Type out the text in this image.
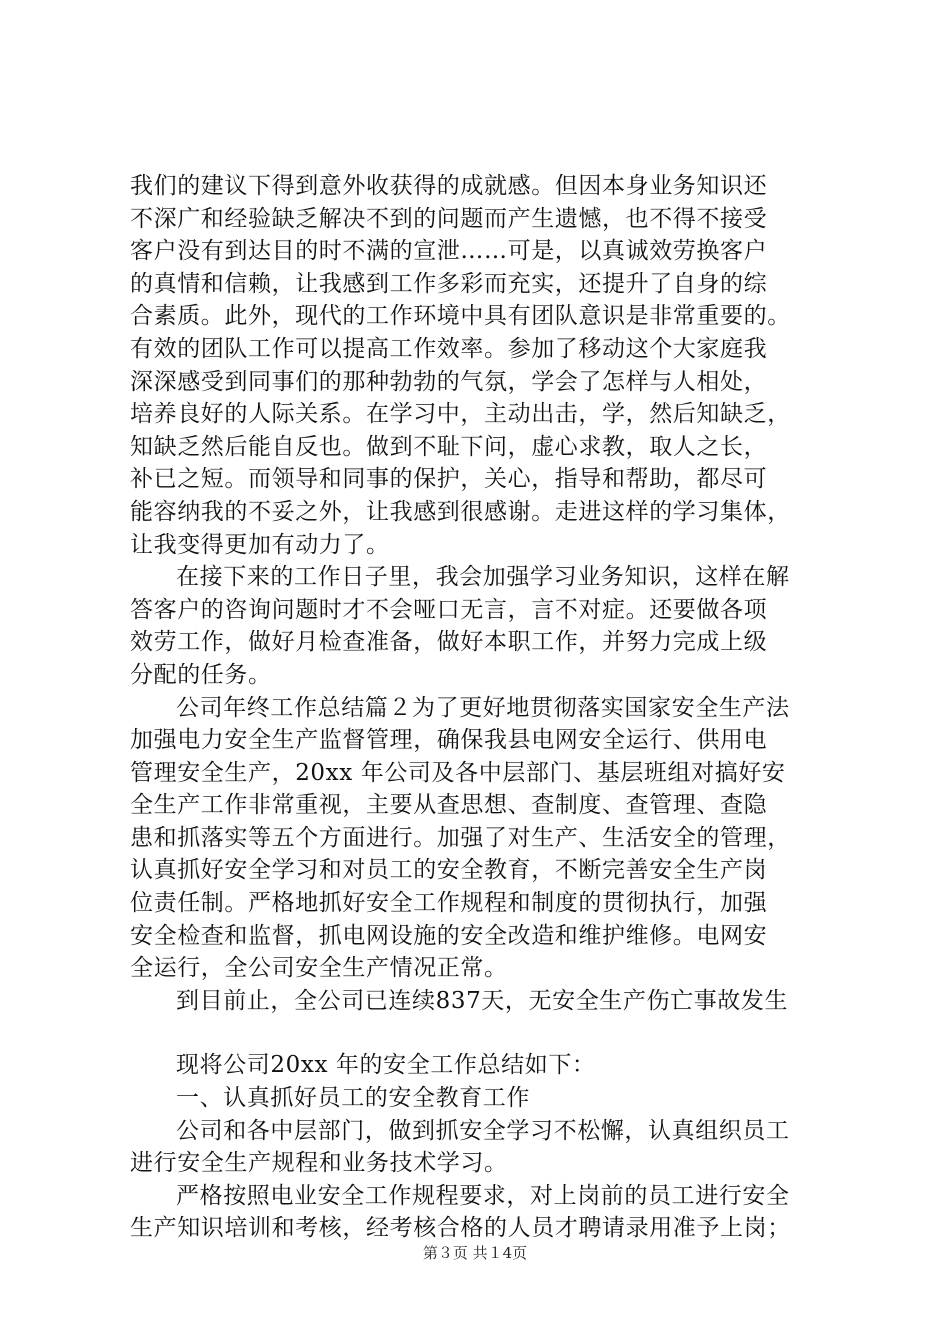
我们的建议下得到意外收获得的成就感。但因本身业务知识还
不深广和经验缺乏解决不到的问题而产生遗憾，也不得不接受
客户没有到达目的时不满的宣泄……可是，以真诚效劳换客户
的真情和信赖，让我感到工作多彩而充实，还提升了自身的综
合素质。此外，现代的工作环境中具有团队意识是非常重要的。
有效的团队工作可以提高工作效率。参加了移动这个大家庭我
深深感受到同事们的那种勃勃的气氛，学会了怎样与人相处，
培养良好的人际关系。在学习中，主动出击，学，然后知缺乏，
知缺乏然后能自反也。做到不耻下问，虚心求教，取人之长，
补已之短。而领导和同事的保护，关心，指导和帮助，都尽可
能容纳我的不妥之外，让我感到很感谢。走进这样的学习集体，
让我变得更加有动力了。
在接下来的工作日子里，我会加强学习业务知识，这样在解
答客户的咨询问题时才不会哑口无言，言不对症。还要做各项
效劳工作，做好月检查准备，做好本职工作，并努力完成上级
分配的任务。
公司年终工作总结篇２为了更好地贯彻落实国家安全生产法
加强电力安全生产监督管理，确保我县电网安全运行、供用电
管理安全生产，20xx 年公司及各中层部门、基层班组对搞好安
全生产工作非常重视，主要从查思想、查制度、查管理、查隐
患和抓落实等五个方面进行。加强了对生产、生活安全的管理，
认真抓好安全学习和对员工的安全教育，不断完善安全生产岗
位责任制。严格地抓好安全工作规程和制度的贯彻执行，加强
安全检查和监督，抓电网设施的安全改造和维护维修。电网安
全运行，全公司安全生产情况正常。
到目前止，全公司已连续837天，无安全生产伤亡事故发生
现将公司20xx 年的安全工作总结如下：
一、认真抓好员工的安全教育工作
公司和各中层部门，做到抓安全学习不松懈，认真组织员工
进行安全生产规程和业务技术学习。
严格按照电业安全工作规程要求，对上岗前的员工进行安全
生产知识培训和考核，经考核合格的人员才聘请录用准予上岗；
第３页 共１4页
